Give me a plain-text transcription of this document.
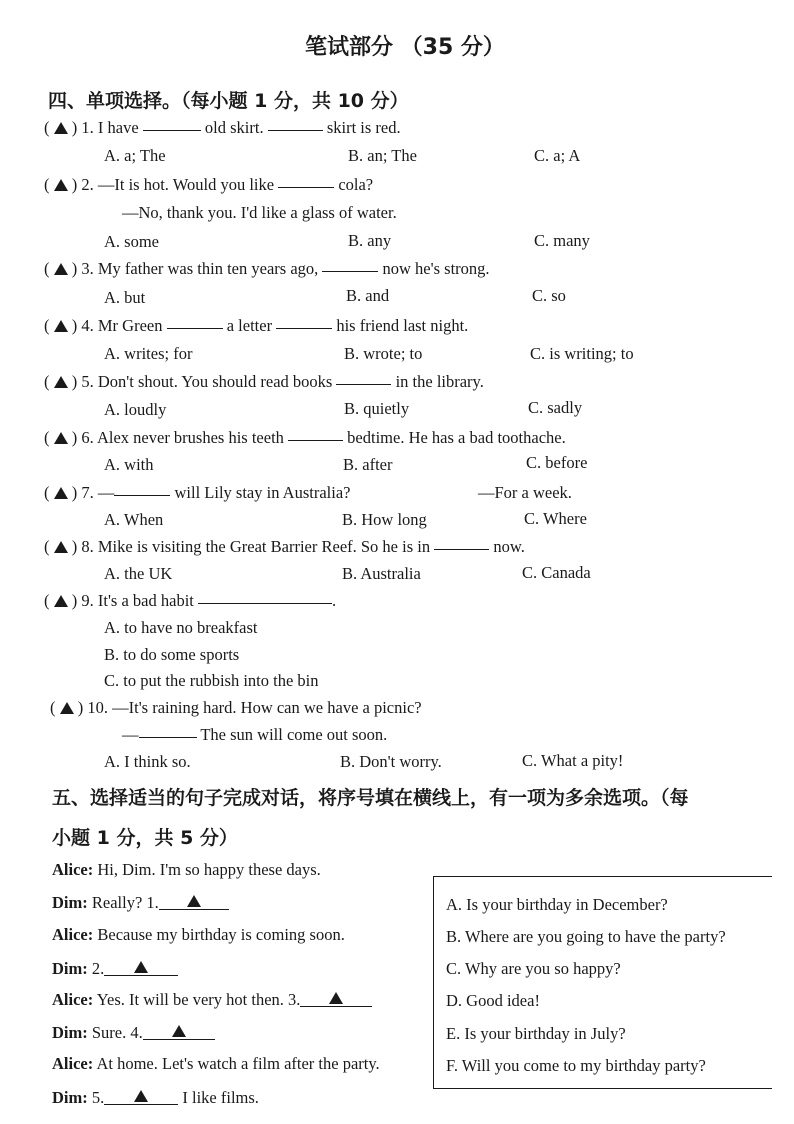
笔试部分 （35 分）
四、单项选择。（每小题 1 分，共 10 分）
(  ) 1. I have	old skirt.	skirt is red.
A. a; The	B. an; The	C. a; A
(  ) 2. —It is hot. Would you like	cola?
—No, thank you. I'd like a glass of water.
A. some	B. any	C. many
(  ) 3. My father was thin ten years ago,	now he's strong.
A. but	B. and	C. so
(  ) 4. Mr Green	a letter	his friend last night.
A. writes; for	B. wrote; to	C. is writing; to
(  ) 5. Don't shout. You should read books	in the library.
A. loudly	B. quietly	C. sadly
(  ) 6. Alex never brushes his teeth	bedtime. He has a bad toothache.
A. with	B. after	C. before
(  ) 7. —	will Lily stay in Australia?	—For a week.
A. When	B. How long	C. Where
(  ) 8. Mike is visiting the Great Barrier Reef. So he is in	now.
A. the UK	B. Australia	C. Canada
(  ) 9. It's a bad habit	.
A. to have no breakfast
B. to do some sports
C. to put the rubbish into the bin
(  ) 10. —It's raining hard. How can we have a picnic?
—	The sun will come out soon.
A. I think so.	B. Don't worry.	C. What a pity!
五、选择适当的句子完成对话，将序号填在横线上，有一项为多余选项。（每
小题 1 分，共 5 分）
Alice: Hi, Dim. I'm so happy these days.
Dim: Really? 1.
Alice: Because my birthday is coming soon.
Dim: 2.
Alice: Yes. It will be very hot then. 3.
Dim: Sure. 4.
Alice: At home. Let's watch a film after the party.
Dim: 5.	I like films.
A. Is your birthday in December?
B. Where are you going to have the party?
C. Why are you so happy?
D. Good idea!
E. Is your birthday in July?
F. Will you come to my birthday party?
